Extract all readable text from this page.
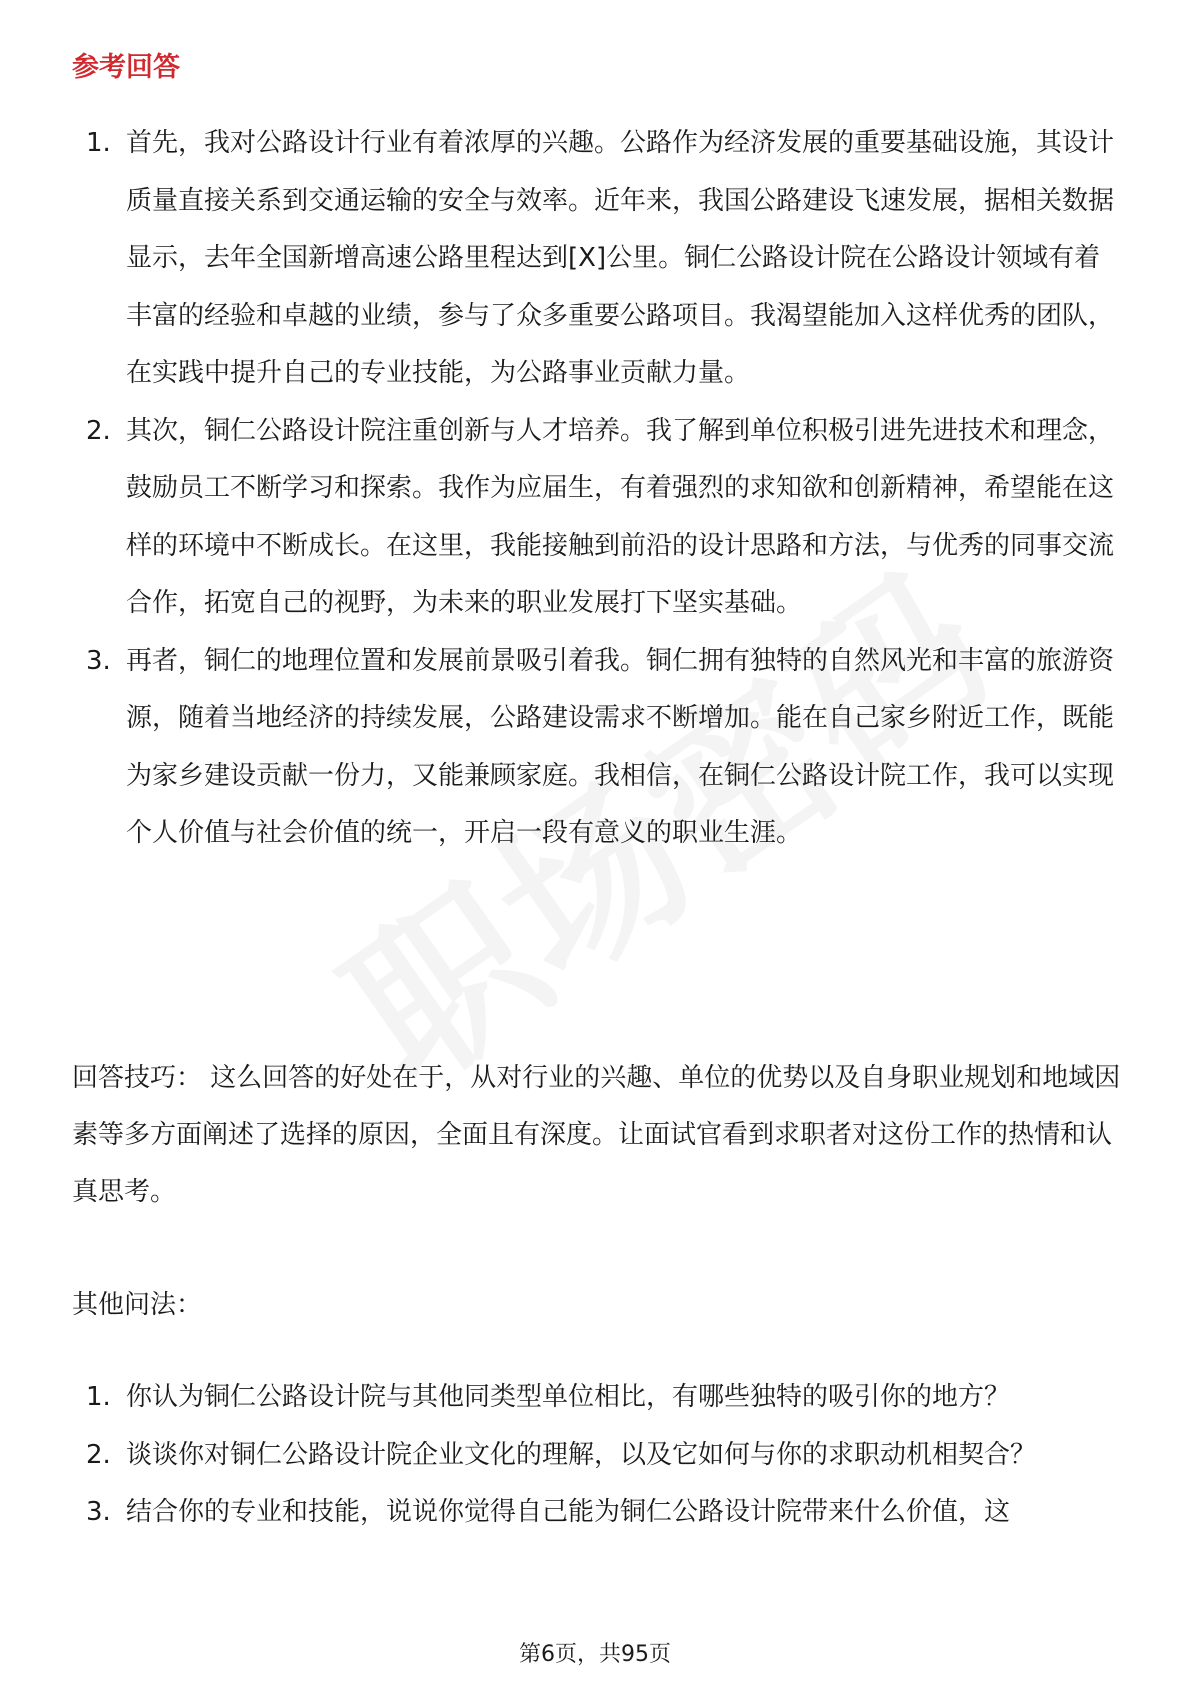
参考回答
1. 首先，我对公路设计行业有着浓厚的兴趣。公路作为经济发展的重要基础设施，其设计质量直接关系到交通运输的安全与效率。近年来，我国公路建设飞速发展，据相关数据显示，去年全国新增高速公路里程达到[X]公里。铜仁公路设计院在公路设计领域有着丰富的经验和卓越的业绩，参与了众多重要公路项目。我渴望能加入这样优秀的团队，在实践中提升自己的专业技能，为公路事业贡献力量。
2. 其次，铜仁公路设计院注重创新与人才培养。我了解到单位积极引进先进技术和理念，鼓励员工不断学习和探索。我作为应届生，有着强烈的求知欲和创新精神，希望能在这样的环境中不断成长。在这里，我能接触到前沿的设计思路和方法，与优秀的同事交流合作，拓宽自己的视野，为未来的职业发展打下坚实基础。
3. 再者，铜仁的地理位置和发展前景吸引着我。铜仁拥有独特的自然风光和丰富的旅游资源，随着当地经济的持续发展，公路建设需求不断增加。能在自己家乡附近工作，既能为家乡建设贡献一份力，又能兼顾家庭。我相信，在铜仁公路设计院工作，我可以实现个人价值与社会价值的统一，开启一段有意义的职业生涯。
回答技巧： 这么回答的好处在于，从对行业的兴趣、单位的优势以及自身职业规划和地域因素等多方面阐述了选择的原因，全面且有深度。让面试官看到求职者对这份工作的热情和认真思考。
其他问法：
1. 你认为铜仁公路设计院与其他同类型单位相比，有哪些独特的吸引你的地方？
2. 谈谈你对铜仁公路设计院企业文化的理解，以及它如何与你的求职动机相契合？
3. 结合你的专业和技能，说说你觉得自己能为铜仁公路设计院带来什么价值，这
第6页，共95页
